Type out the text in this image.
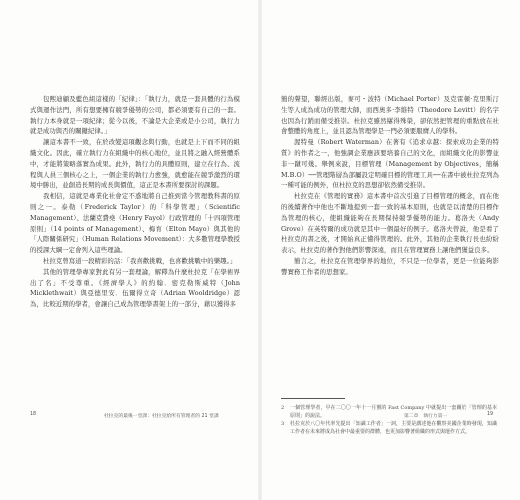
包熙迪顧及藍色組這樣的「紀律」：「執行力，就是一套具體的行為模式與運作法門，所有想要擁有競爭優勢的公司，都必須要有自己的一套。執行力本身就是一項紀律；從今以後，不論是大企業或是小公司，執行力就是成功與否的關鍵紀律。」

讓這本書不一致，在於改變這項觀念與行動，也就是上下而不同的組織文化。因此，確立執行力在組織中的核心地位，並且將之融入經營體系中，才能將策略落實為成果。此外，執行力的具體原則，建立在行為、流程與人員三個核心之上，一個企業的執行力愈強，就愈能在競爭激烈的環境中勝出，並創造長期的成長與價值，這正是本書所要探討的課題。

我相信，這就是專業化社會定不惑地將自己推到當今管理教科書的原則之一。泰勒（Frederick Taylor）的「科學管理」（Scientific Management）、法蘭克費堯（Henry Fayol）行政管理的「十四項管理原則」（14 points of Management）、梅育（Elton Mayo）與其他的「人際關係研究」（Human Relations Movement）：大多數管理學教授的授課大綱一定會列入這些理論。

杜拉克曾寫道一段精彩的話：「我喜歡挑戰，也喜歡挑戰中的樂趣。」

其他的管理學專家對此有另一套理論，解釋為什麼杜拉克「在學術界出了名」不受尊重。《經濟學人》的約翰．密克勒斯威特（John Micklethwait）與亞德里安．伍爾得立奇（Adrian Wooldridge）認為，比較近期的學者，會讓自己成為管理學書架上的一部分，藉以獲得多

18	杜拉克的最後一堂課：杜拉克給所有管理者的 21 堂課

簡的聲望，聯經出版，麥可・波特（Michael Porter）及克雷頓·克里斯汀生等人成為成功的管理大師，而西奧多·李維特（Theodore Levitt）的名字也因為行銷而備受推崇。杜拉克雖然屢得殊榮，卻依然把管理的重點放在社會整體的角度上，並且認為管理學是一門必須要服膺人的學科。

渥特曼（Robert Waterman）在著有《追求卓越：探索成功企業的特質》的作者之一，他強調企業應該要培養自己的文化，而組織文化的影響並非一蹴可幾。舉例來說，目標管理（Management by Objectives，簡稱 M.B.O）──管理階層為部屬設定明確目標的管理工具──在書中被杜拉克列為一種可能的例外，但杜拉克的思想卻依然備受推崇。

杜拉克在《管理的實務》這本書中首次引進了目標管理的概念，而在他的後續著作中他也不斷地提到一套一致的基本原則，也就是以清楚的目標作為管理的核心，使組織能夠在長期保持競爭優勢的能力。葛洛夫（Andy Grove）在英特爾的成功就是其中一個最好的例子。葛洛夫曾說，他是看了杜拉克的書之後，才開始真正懂得管理的。此外，其他的企業執行長也紛紛表示，杜拉克的著作對他們影響深遠，而且在管理實務上讓他們獲益良多。

簡言之，杜拉克在管理學界的地位，不只是一位學者，更是一位能夠影響實務工作者的思想家。

2	一個管理學者，早在二〇〇一年十一月號的 Fast Company 中就提出一套關於「管理的基本原則」的說法。
3	杜拉克於八〇年代率先提出「知識工作者」一詞，主要是講述他在觀察美國企業時發現，知識工作者在未來將成為社會中最重要的群體，也更加影響著組織的形式與運作方式。
第二章　執行力第一	19
